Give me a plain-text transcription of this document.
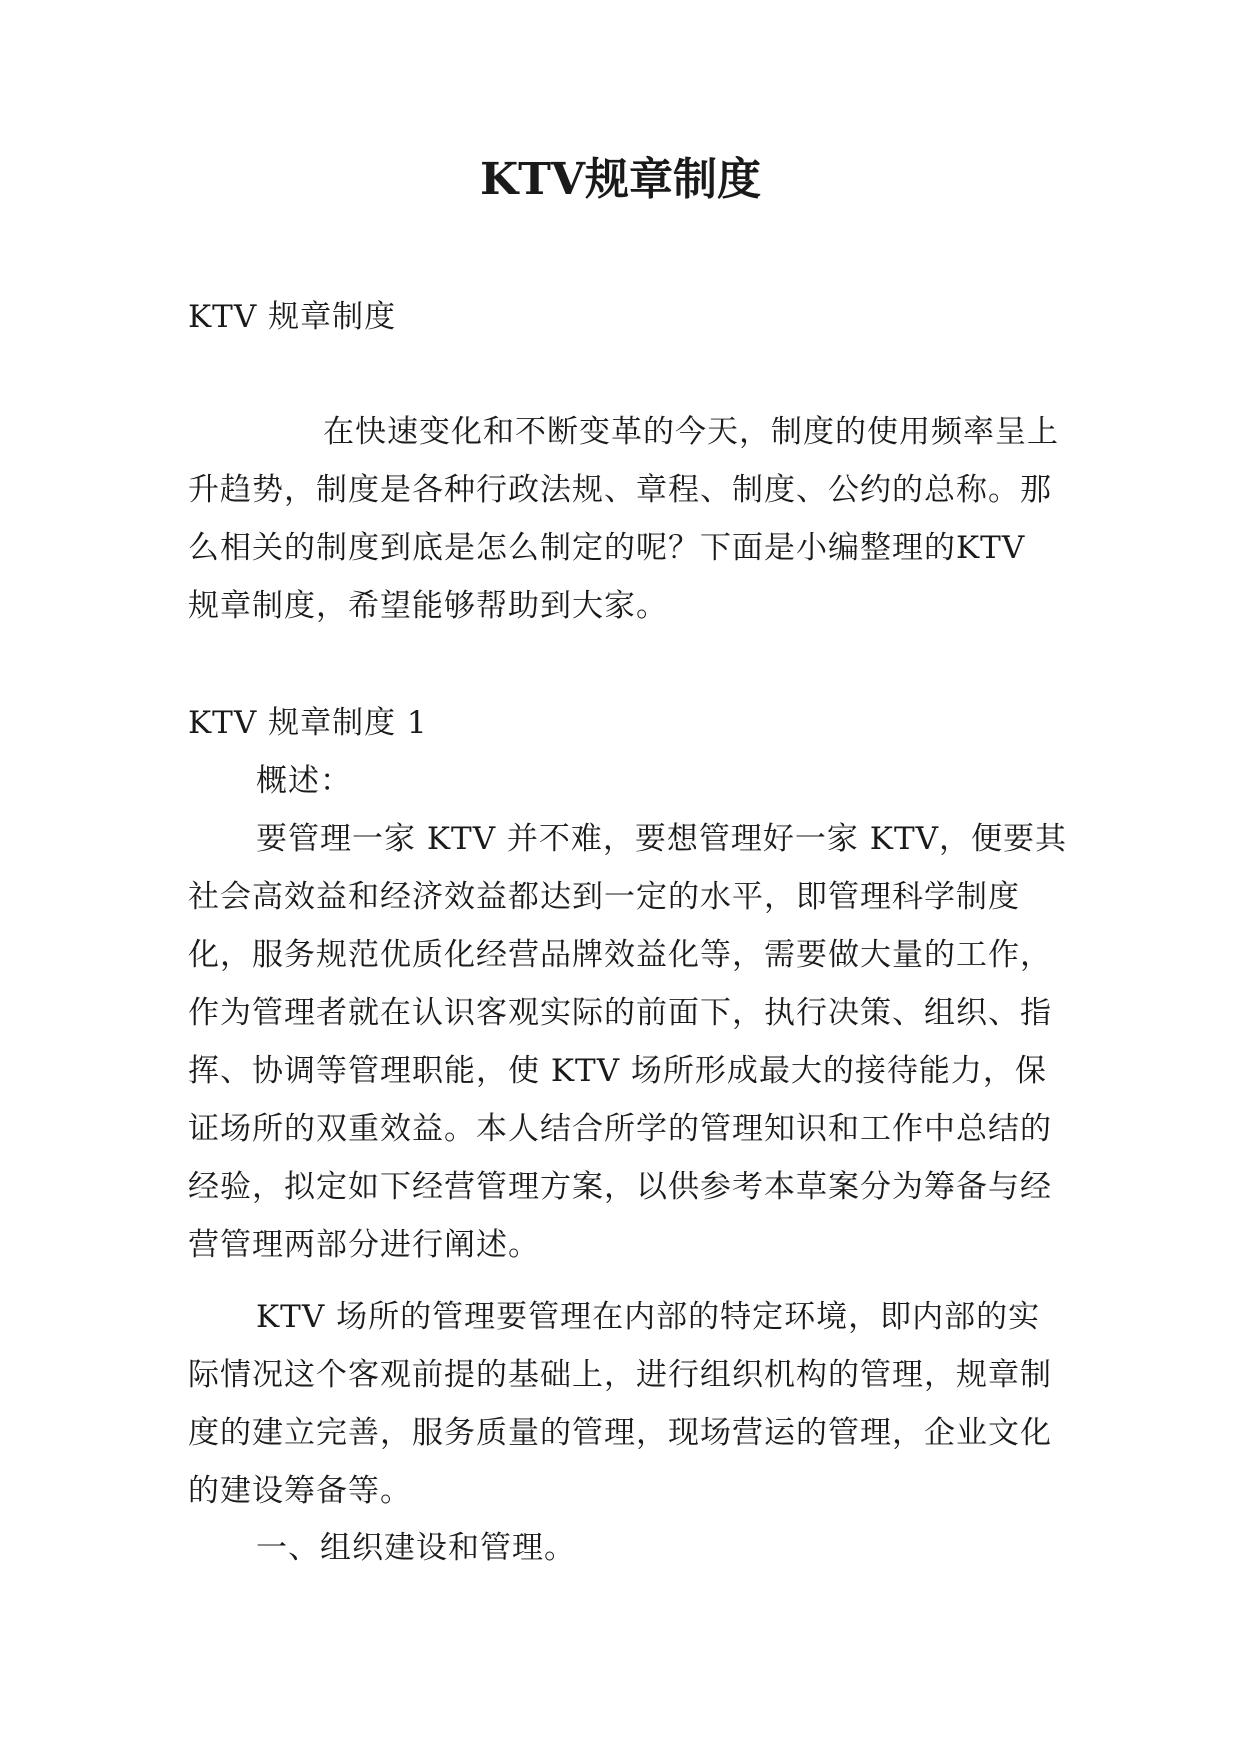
KTV规章制度

KTV 规章制度

在快速变化和不断变革的今天，制度的使用频率呈上升趋势，制度是各种行政法规、章程、制度、公约的总称。那么相关的制度到底是怎么制定的呢？下面是小编整理的KTV 规章制度，希望能够帮助到大家。

KTV 规章制度 1

概述：

要管理一家 KTV 并不难，要想管理好一家 KTV，便要其社会高效益和经济效益都达到一定的水平，即管理科学制度化，服务规范优质化经营品牌效益化等，需要做大量的工作，作为管理者就在认识客观实际的前面下，执行决策、组织、指挥、协调等管理职能，使 KTV 场所形成最大的接待能力，保证场所的双重效益。本人结合所学的管理知识和工作中总结的经验，拟定如下经营管理方案，以供参考本草案分为筹备与经营管理两部分进行阐述。

KTV 场所的管理要管理在内部的特定环境，即内部的实际情况这个客观前提的基础上，进行组织机构的管理，规章制度的建立完善，服务质量的管理，现场营运的管理，企业文化的建设筹备等。

一、组织建设和管理。
